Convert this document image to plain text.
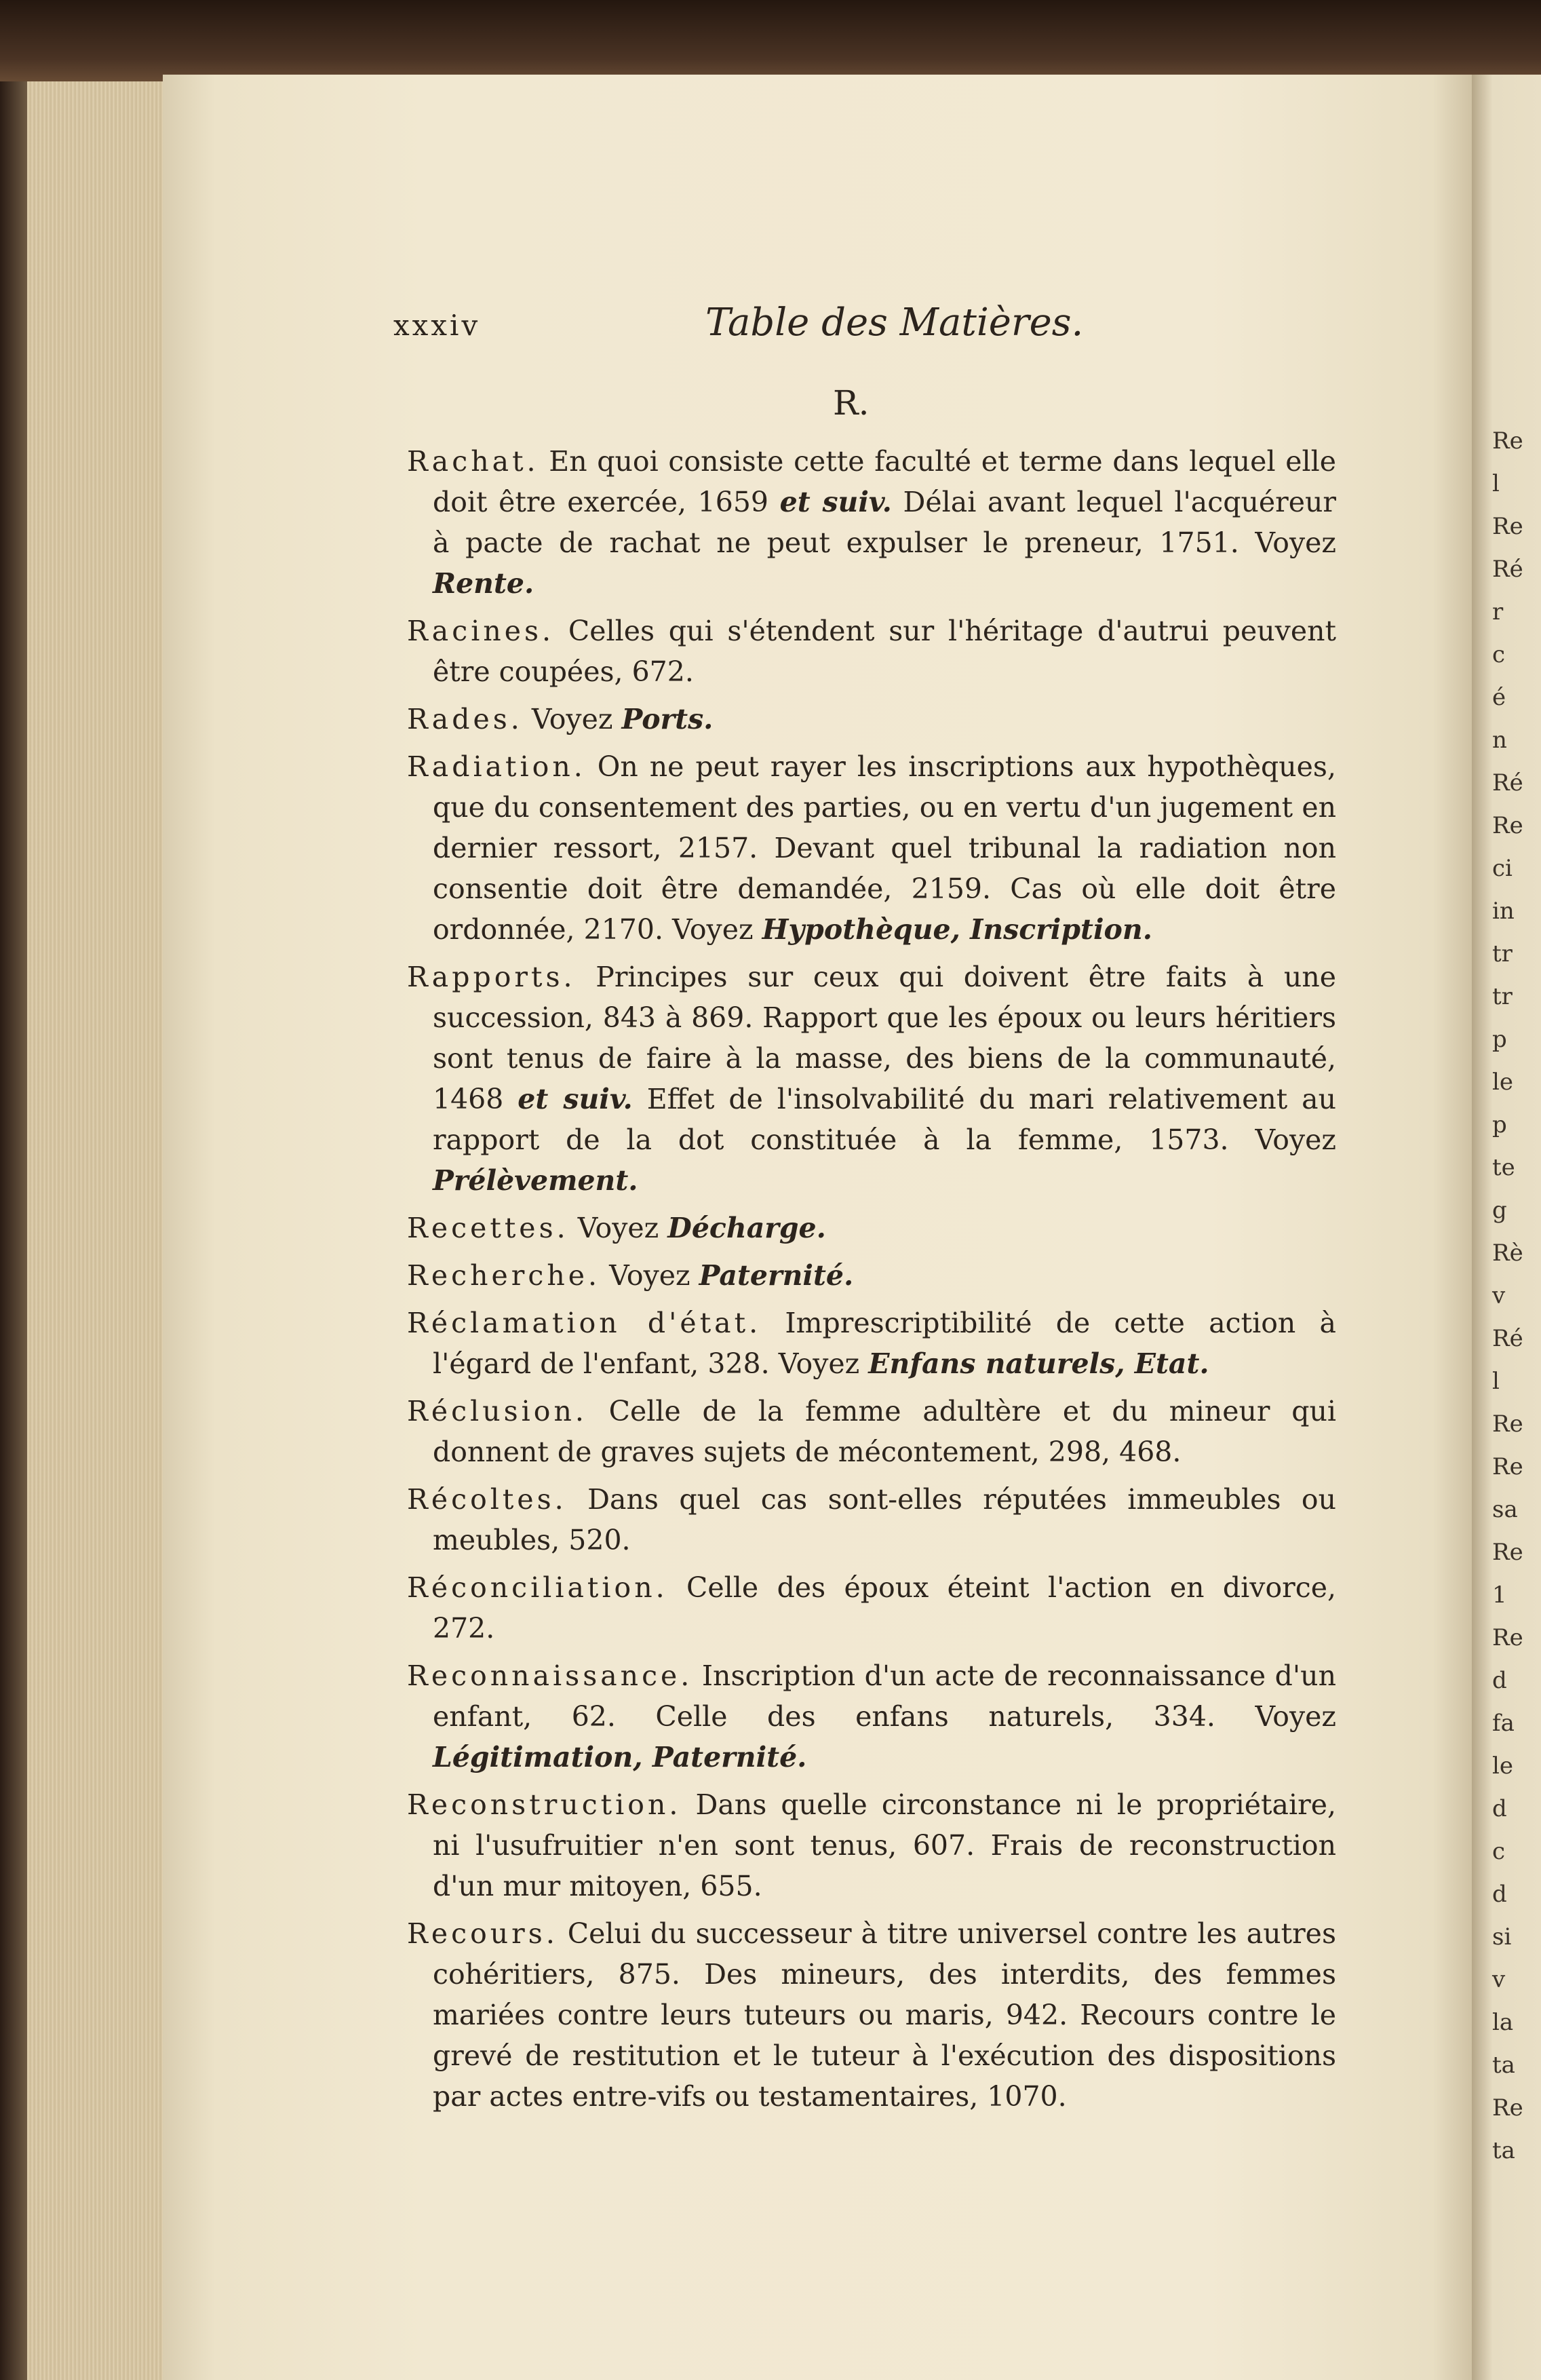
Re
l
Re
Ré
r
c
é
n
Ré
Re
ci
in
tr
tr
p
le
p
te
g
Rè
v
Ré
l
Re
Re
sa
Re
1
Re
d
fa
le
d
c
d
si
v
la
ta
Re
ta
xxxiv	Table des Matières.
R.

Rachat. En quoi consiste cette faculté et terme dans lequel elle doit être exercée, 1659 et suiv. Délai avant lequel l'acquéreur à pacte de rachat ne peut expulser le preneur, 1751. Voyez Rente.

Racines. Celles qui s'étendent sur l'héritage d'autrui peuvent être coupées, 672.

Rades. Voyez Ports.

Radiation. On ne peut rayer les inscriptions aux hypothèques, que du consentement des parties, ou en vertu d'un jugement en dernier ressort, 2157. Devant quel tribunal la radiation non consentie doit être demandée, 2159. Cas où elle doit être ordonnée, 2170. Voyez Hypothèque, Inscription.

Rapports. Principes sur ceux qui doivent être faits à une succession, 843 à 869. Rapport que les époux ou leurs héritiers sont tenus de faire à la masse, des biens de la communauté, 1468 et suiv. Effet de l'insolvabilité du mari relativement au rapport de la dot constituée à la femme, 1573. Voyez Prélèvement.

Recettes. Voyez Décharge.

Recherche. Voyez Paternité.

Réclamation d'état. Imprescriptibilité de cette action à l'égard de l'enfant, 328. Voyez Enfans naturels, Etat.

Réclusion. Celle de la femme adultère et du mineur qui donnent de graves sujets de mécontement, 298, 468.

Récoltes. Dans quel cas sont-elles réputées immeubles ou meubles, 520.

Réconciliation. Celle des époux éteint l'action en divorce, 272.

Reconnaissance. Inscription d'un acte de reconnaissance d'un enfant, 62. Celle des enfans naturels, 334. Voyez Légitimation, Paternité.

Reconstruction. Dans quelle circonstance ni le propriétaire, ni l'usufruitier n'en sont tenus, 607. Frais de reconstruction d'un mur mitoyen, 655.

Recours. Celui du successeur à titre universel contre les autres cohéritiers, 875. Des mineurs, des interdits, des femmes mariées contre leurs tuteurs ou maris, 942. Recours contre le grevé de restitution et le tuteur à l'exécution des dispositions par actes entre-vifs ou testamentaires, 1070.
